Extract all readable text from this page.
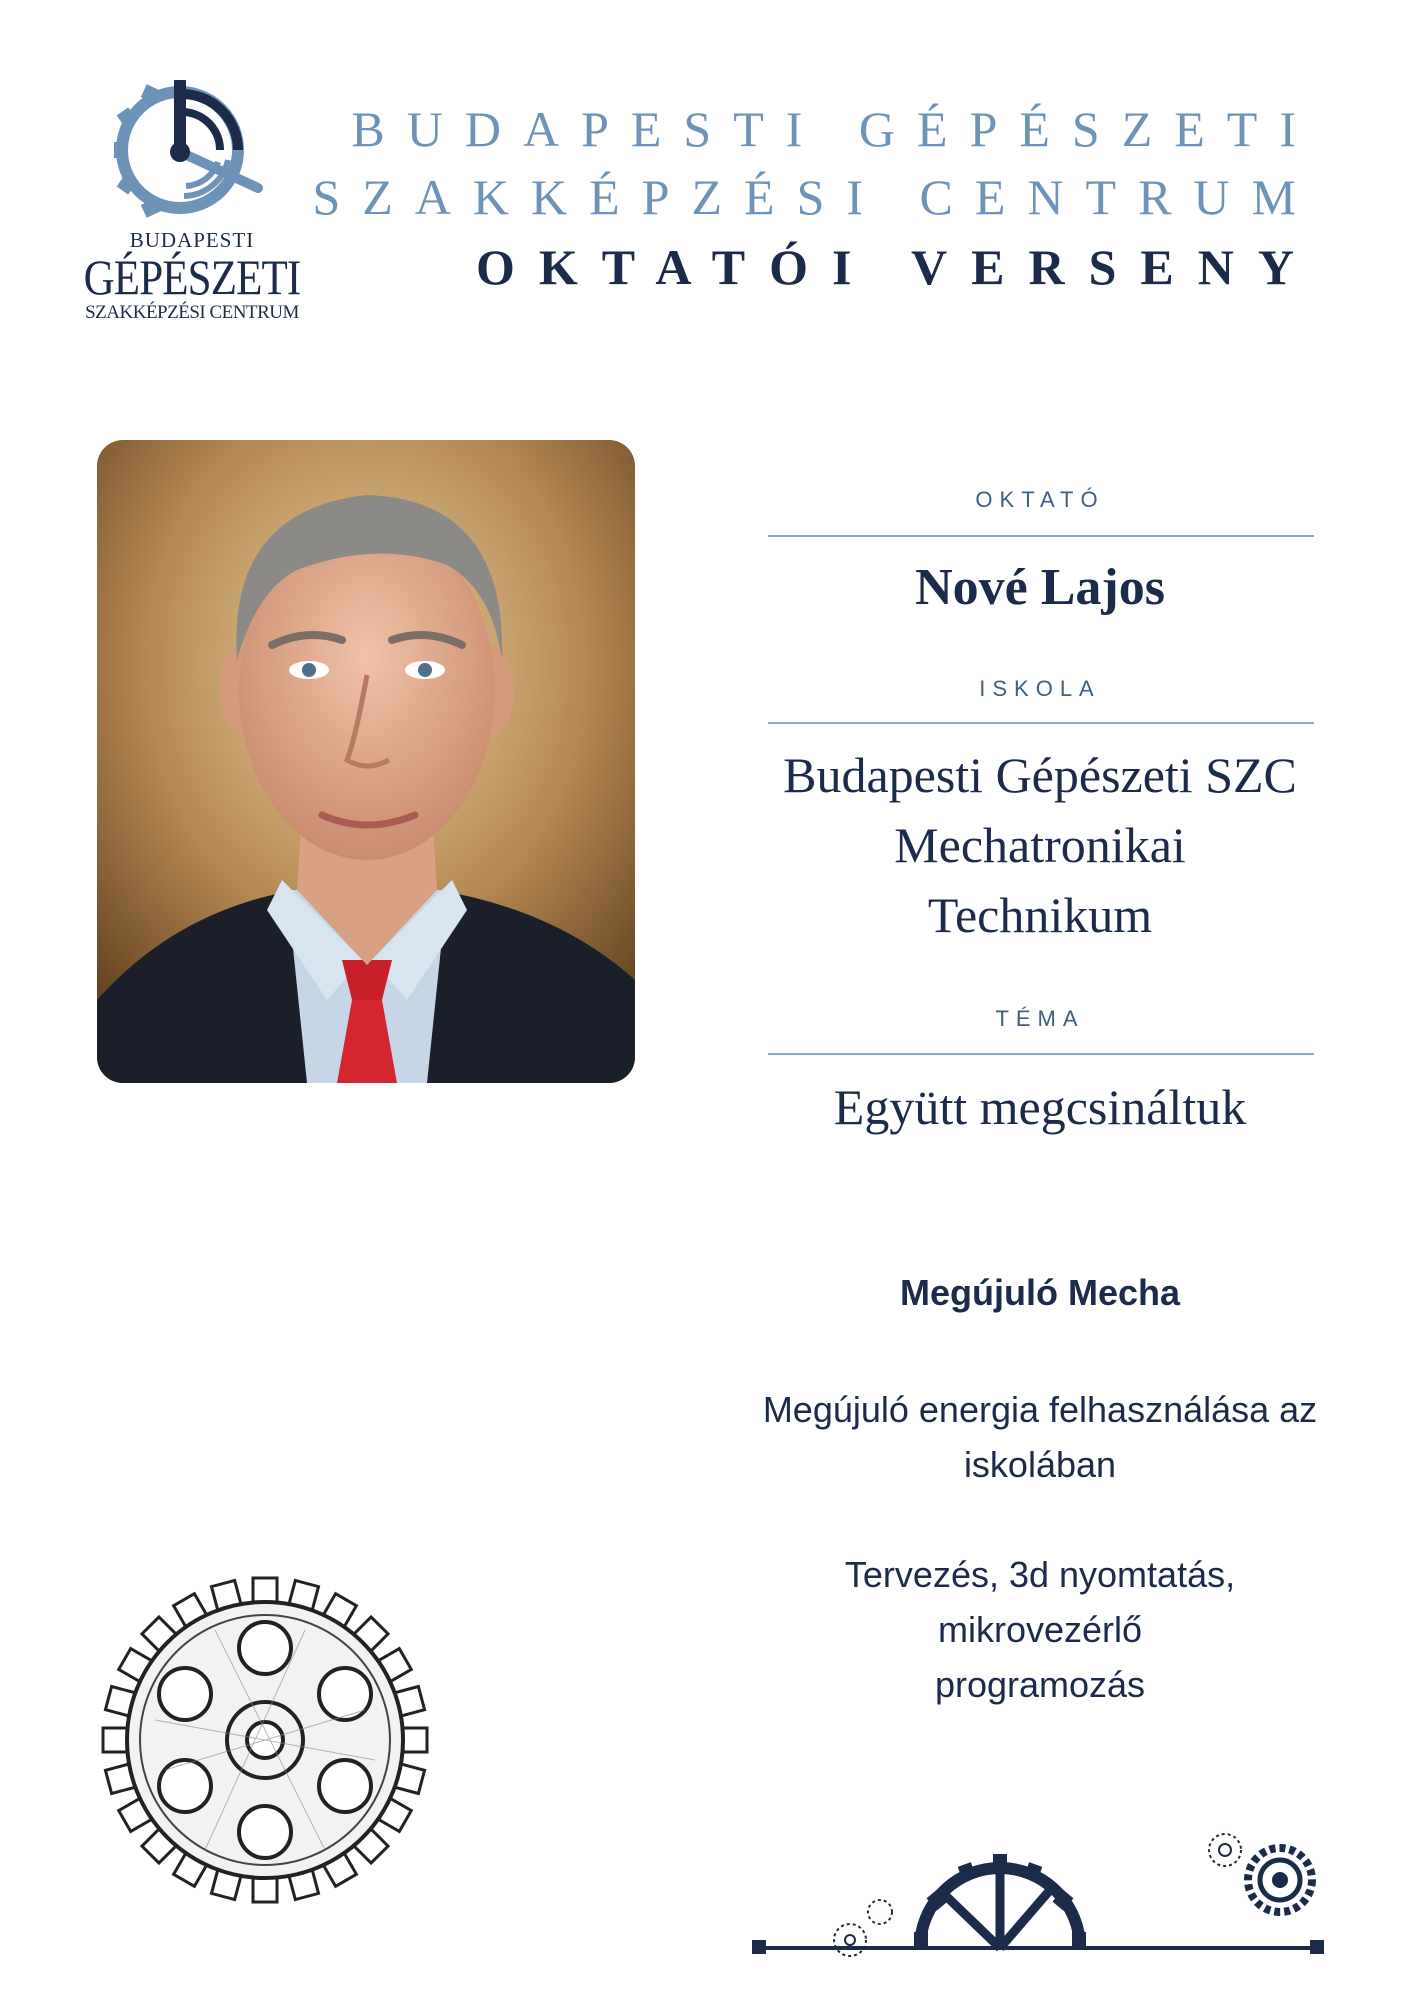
BUDAPESTI
GÉPÉSZETI
SZAKKÉPZÉSI CENTRUM
BUDAPESTI GÉPÉSZETI
SZAKKÉPZÉSI CENTRUM
OKTATÓI VERSENY
OKTATÓ
Nové Lajos
ISKOLA
Budapesti Gépészeti SZC
Mechatronikai
Technikum
TÉMA
Együtt megcsináltuk
Megújuló Mecha
Megújuló energia felhasználása az
iskolában
Tervezés, 3d nyomtatás, mikrovezérlő
programozás
